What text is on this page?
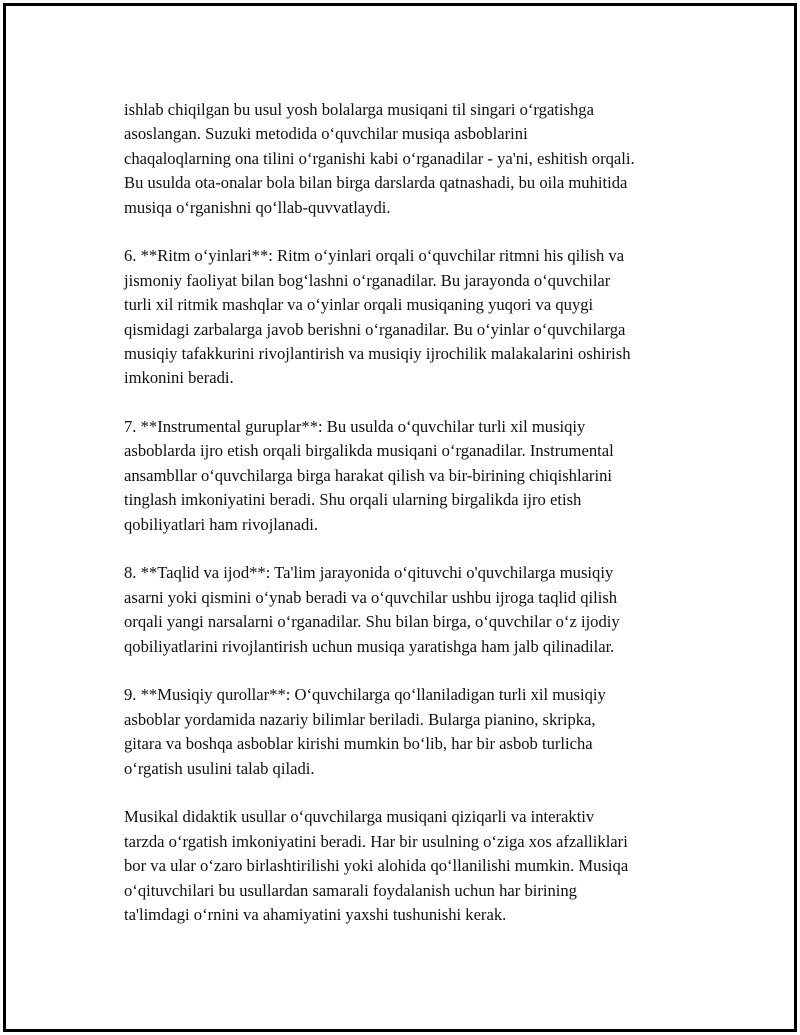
ishlab chiqilgan bu usul yosh bolalarga musiqani til singari o‘rgatishga
asoslangan. Suzuki metodida o‘quvchilar musiqa asboblarini
chaqaloqlarning ona tilini o‘rganishi kabi o‘rganadilar - ya'ni, eshitish orqali.
Bu usulda ota-onalar bola bilan birga darslarda qatnashadi, bu oila muhitida
musiqa o‘rganishni qo‘llab-quvvatlaydi.

6. **Ritm o‘yinlari**: Ritm o‘yinlari orqali o‘quvchilar ritmni his qilish va
jismoniy faoliyat bilan bog‘lashni o‘rganadilar. Bu jarayonda o‘quvchilar
turli xil ritmik mashqlar va o‘yinlar orqali musiqaning yuqori va quygi
qismidagi zarbalarga javob berishni o‘rganadilar. Bu o‘yinlar o‘quvchilarga
musiqiy tafakkurini rivojlantirish va musiqiy ijrochilik malakalarini oshirish
imkonini beradi.

7. **Instrumental guruplar**: Bu usulda o‘quvchilar turli xil musiqiy
asboblarda ijro etish orqali birgalikda musiqani o‘rganadilar. Instrumental
ansambllar o‘quvchilarga birga harakat qilish va bir-birining chiqishlarini
tinglash imkoniyatini beradi. Shu orqali ularning birgalikda ijro etish
qobiliyatlari ham rivojlanadi.

8. **Taqlid va ijod**: Ta'lim jarayonida o‘qituvchi o'quvchilarga musiqiy
asarni yoki qismini o‘ynab beradi va o‘quvchilar ushbu ijroga taqlid qilish
orqali yangi narsalarni o‘rganadilar. Shu bilan birga, o‘quvchilar o‘z ijodiy
qobiliyatlarini rivojlantirish uchun musiqa yaratishga ham jalb qilinadilar.

9. **Musiqiy qurollar**: O‘quvchilarga qo‘llaniladigan turli xil musiqiy
asboblar yordamida nazariy bilimlar beriladi. Bularga pianino, skripka,
gitara va boshqa asboblar kirishi mumkin bo‘lib, har bir asbob turlicha
o‘rgatish usulini talab qiladi.

Musikal didaktik usullar o‘quvchilarga musiqani qiziqarli va interaktiv
tarzda o‘rgatish imkoniyatini beradi. Har bir usulning o‘ziga xos afzalliklari
bor va ular o‘zaro birlashtirilishi yoki alohida qo‘llanilishi mumkin. Musiqa
o‘qituvchilari bu usullardan samarali foydalanish uchun har birining
ta'limdagi o‘rnini va ahamiyatini yaxshi tushunishi kerak.
